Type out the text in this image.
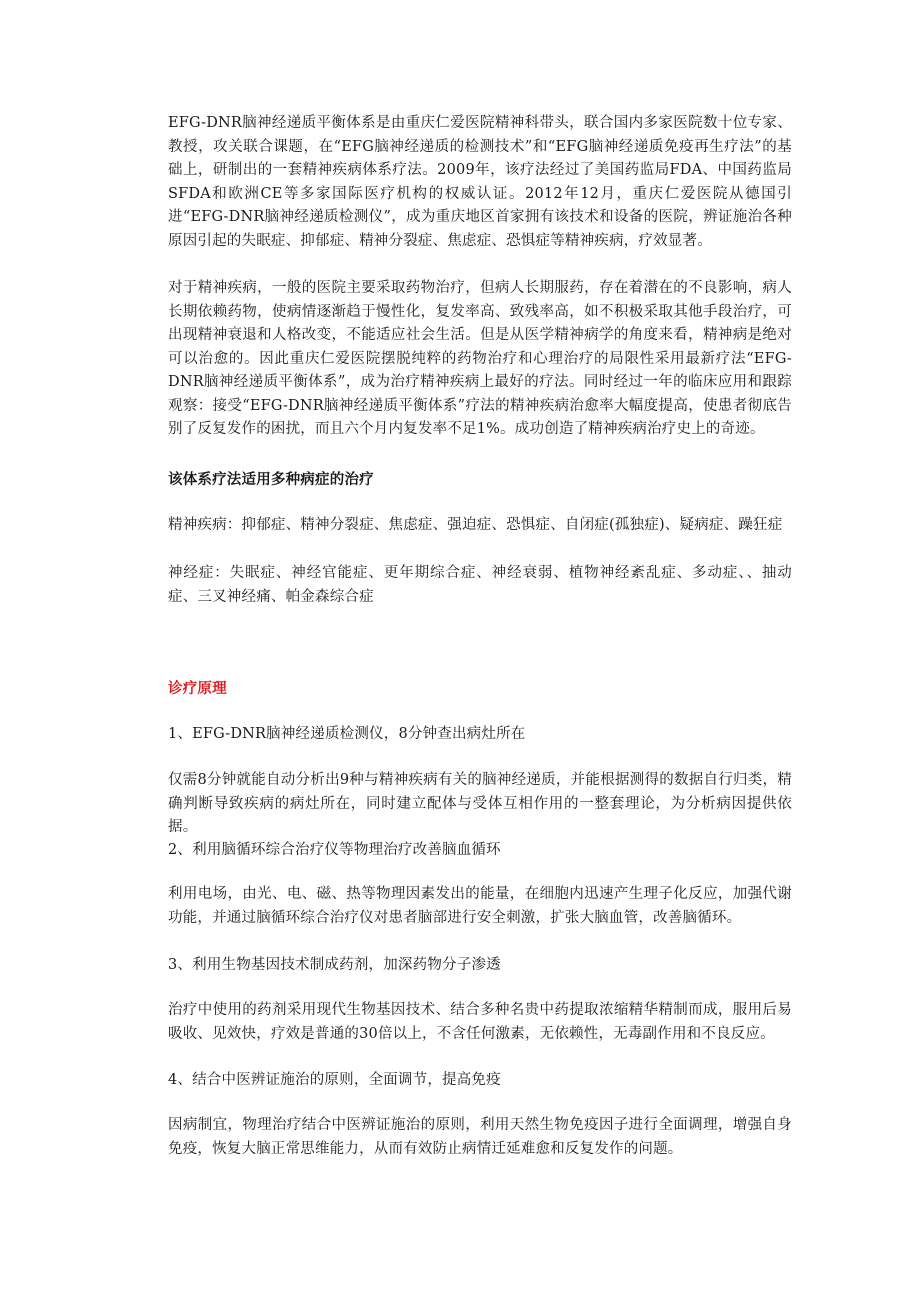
EFG-DNR脑神经递质平衡体系是由重庆仁爱医院精神科带头，联合国内多家医院数十位专家、教授，攻关联合课题，在“EFG脑神经递质的检测技术”和“EFG脑神经递质免疫再生疗法”的基础上，研制出的一套精神疾病体系疗法。2009年，该疗法经过了美国药监局FDA、中国药监局SFDA和欧洲CE等多家国际医疗机构的权威认证。2012年12月，重庆仁爱医院从德国引进“EFG-DNR脑神经递质检测仪”，成为重庆地区首家拥有该技术和设备的医院，辨证施治各种原因引起的失眠症、抑郁症、精神分裂症、焦虑症、恐惧症等精神疾病，疗效显著。

对于精神疾病，一般的医院主要采取药物治疗，但病人长期服药，存在着潜在的不良影响，病人长期依赖药物，使病情逐渐趋于慢性化，复发率高、致残率高，如不积极采取其他手段治疗，可出现精神衰退和人格改变，不能适应社会生活。但是从医学精神病学的角度来看，精神病是绝对可以治愈的。因此重庆仁爱医院摆脱纯粹的药物治疗和心理治疗的局限性采用最新疗法“EFG-DNR脑神经递质平衡体系”，成为治疗精神疾病上最好的疗法。同时经过一年的临床应用和跟踪观察：接受“EFG-DNR脑神经递质平衡体系”疗法的精神疾病治愈率大幅度提高，使患者彻底告别了反复发作的困扰，而且六个月内复发率不足1%。成功创造了精神疾病治疗史上的奇迹。

该体系疗法适用多种病症的治疗

精神疾病：抑郁症、精神分裂症、焦虑症、强迫症、恐惧症、自闭症(孤独症)、疑病症、躁狂症

神经症：失眠症、神经官能症、更年期综合症、神经衰弱、植物神经紊乱症、多动症、、抽动症、三叉神经痛、帕金森综合症

诊疗原理

1、EFG-DNR脑神经递质检测仪，8分钟查出病灶所在

仅需8分钟就能自动分析出9种与精神疾病有关的脑神经递质，并能根据测得的数据自行归类，精确判断导致疾病的病灶所在，同时建立配体与受体互相作用的一整套理论，为分析病因提供依据。

2、利用脑循环综合治疗仪等物理治疗改善脑血循环

利用电场，由光、电、磁、热等物理因素发出的能量，在细胞内迅速产生理子化反应，加强代谢功能，并通过脑循环综合治疗仪对患者脑部进行安全刺激，扩张大脑血管，改善脑循环。

3、利用生物基因技术制成药剂，加深药物分子渗透

治疗中使用的药剂采用现代生物基因技术、结合多种名贵中药提取浓缩精华精制而成，服用后易吸收、见效快，疗效是普通的30倍以上，不含任何激素，无依赖性，无毒副作用和不良反应。

4、结合中医辨证施治的原则，全面调节，提高免疫

因病制宜，物理治疗结合中医辨证施治的原则，利用天然生物免疫因子进行全面调理，增强自身免疫，恢复大脑正常思维能力，从而有效防止病情迁延难愈和反复发作的问题。
